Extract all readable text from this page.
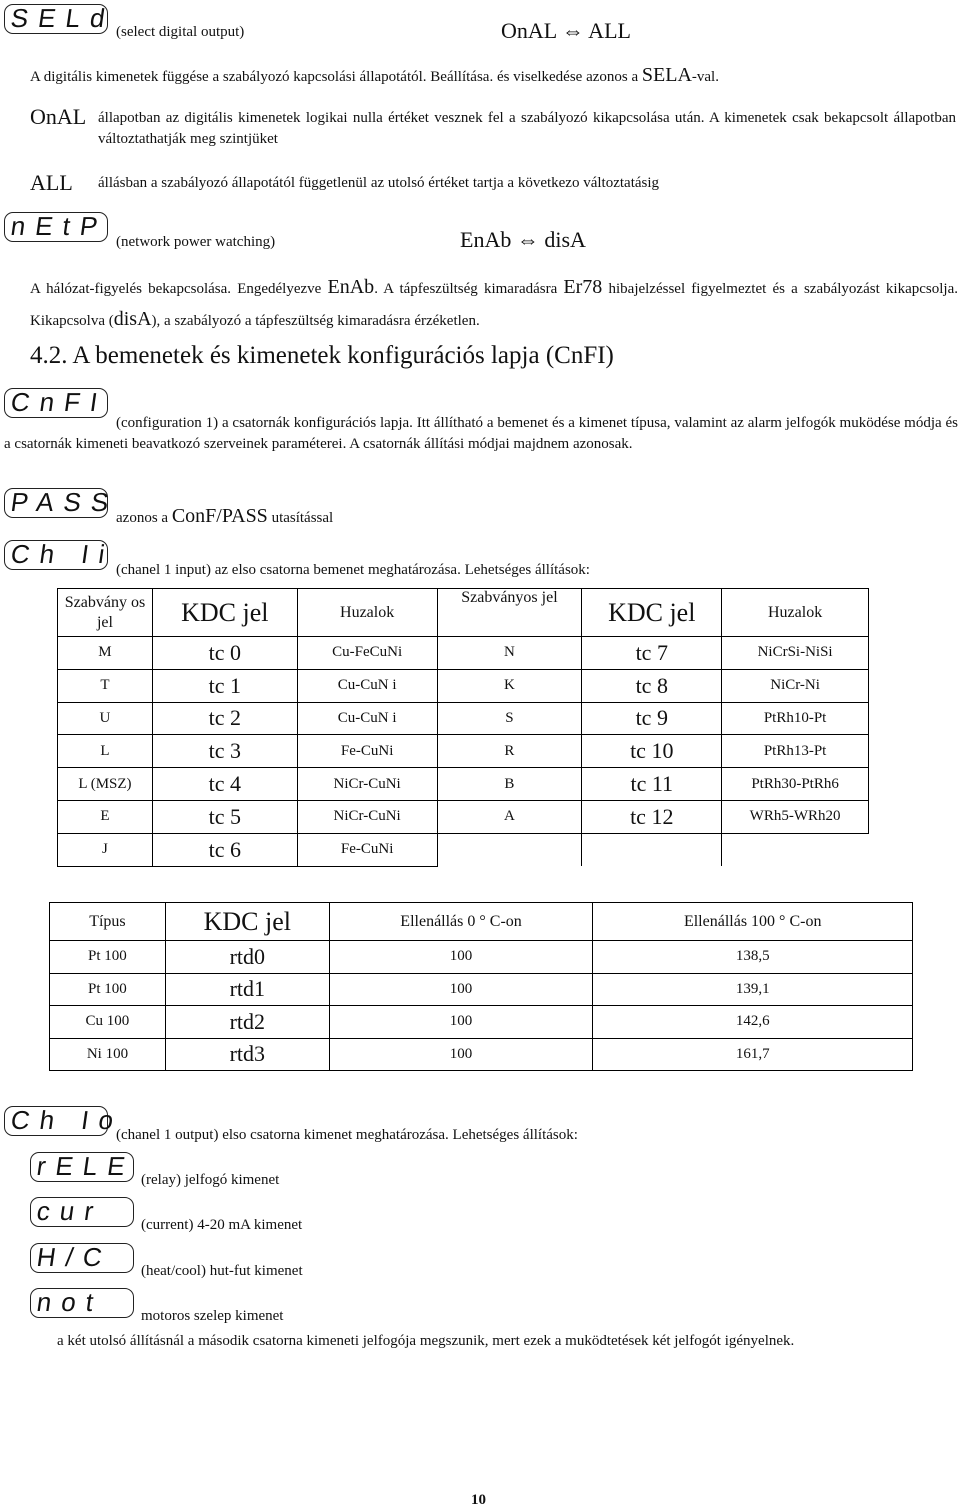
SELd (select digital output)	OnAL ⇔ ALL
A digitális kimenetek függése a szabályozó kapcsolási állapotától. Beállítása. és viselkedése azonos a SELA-val.
OnAL állapotban az digitális kimenetek logikai nulla értéket vesznek fel a szabályozó kikapcsolása után. A kimenetek csak bekapcsolt állapotban változtathatják meg szintjüket
ALL állásban a szabályozó állapotától függetlenül az utolsó értéket tartja a következo változtatásig
nEtP
(network power watching)	EnAb ⇔ disA
A hálózat-figyelés bekapcsolása. Engedélyezve EnAb. A tápfeszültség kimaradásra Er78 hibajelzéssel figyelmeztet és a szabályozást kikapcsolja. Kikapcsolva (disA), a szabályozó a tápfeszültség kimaradásra érzéketlen.
4.2. A bemenetek és kimenetek konfigurációs lapja (CnFI)
CnFI
(configuration 1) a csatornák konfigurációs lapja. Itt állítható a bemenet és a kimenet típusa, valamint az alarm jelfogók muködése módja és a csatornák kimeneti beavatkozó szerveinek paraméterei. A csatornák állítási módjai majdnem azonosak.
PASS
azonos a ConF/PASS utasítással
Ch Ii
(chanel 1 input) az elso csatorna bemenet meghatározása. Lehetséges állítások:
Szabvány os jel	KDC jel	Huzalok	Szabványos jel	KDC jel	Huzalok
M	tc 0	Cu-FeCuNi	N	tc 7	NiCrSi-NiSi
T	tc 1	Cu-CuN i	K	tc 8	NiCr-Ni
U	tc 2	Cu-CuN i	S	tc 9	PtRh10-Pt
L	tc 3	Fe-CuNi	R	tc 10	PtRh13-Pt
L (MSZ)	tc 4	NiCr-CuNi	B	tc 11	PtRh30-PtRh6
E	tc 5	NiCr-CuNi	A	tc 12	WRh5-WRh20
J	tc 6	Fe-CuNi			
Típus	KDC jel	Ellenállás 0 ° C-on	Ellenállás 100 ° C-on
Pt 100	rtd0	100	138,5
Pt 100	rtd1	100	139,1
Cu 100	rtd2	100	142,6
Ni 100	rtd3	100	161,7
Ch Io
(chanel 1 output) elso csatorna kimenet meghatározása. Lehetséges állítások:
rELE (relay) jelfogó kimenet
cur	(current) 4-20 mA kimenet
H/C	(heat/cool) hut-fut kimenet
not	motoros szelep kimenet
a két utolsó állításnál a második csatorna kimeneti jelfogója megszunik, mert ezek a muködtetések két jelfogót igényelnek.
10
